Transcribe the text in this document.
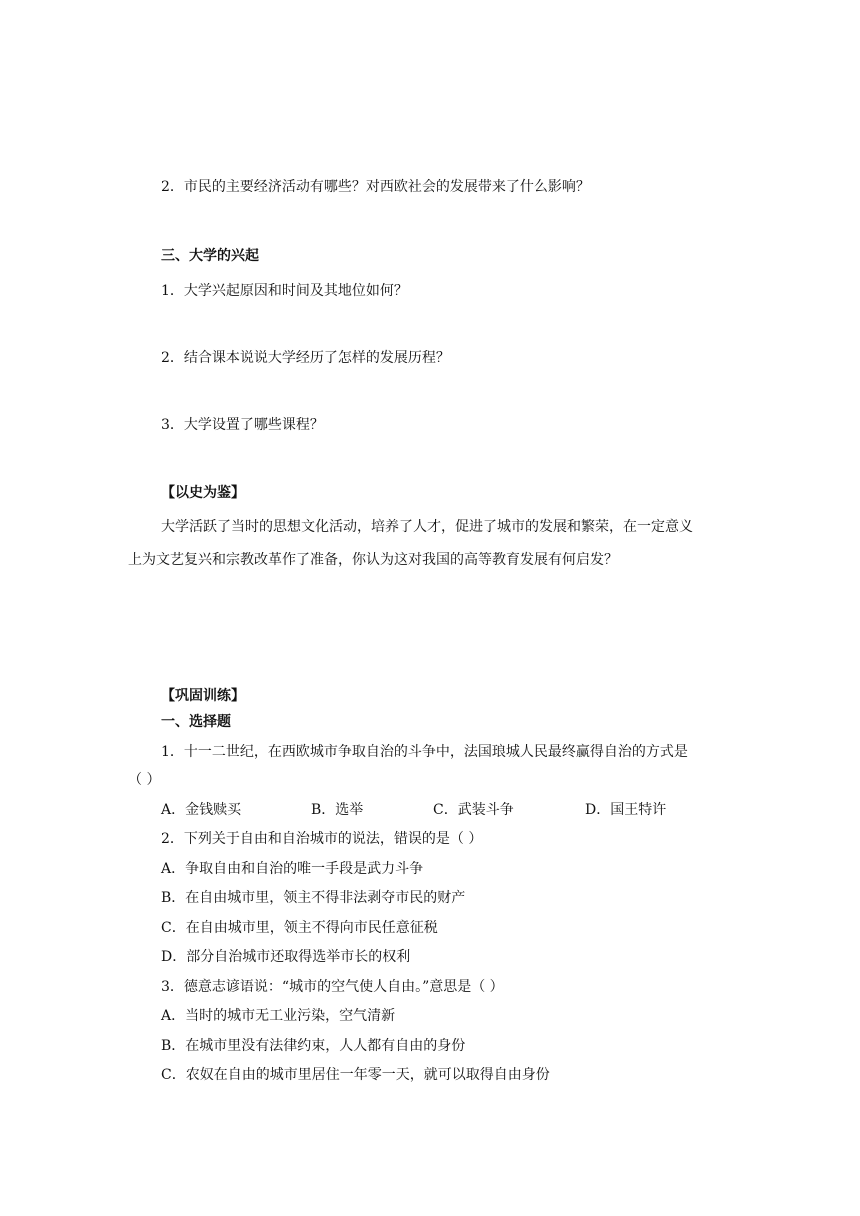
2．市民的主要经济活动有哪些？对西欧社会的发展带来了什么影响？
三、大学的兴起
1．大学兴起原因和时间及其地位如何？
2．结合课本说说大学经历了怎样的发展历程？
3．大学设置了哪些课程？
【以史为鉴】
大学活跃了当时的思想文化活动，培养了人才，促进了城市的发展和繁荣，在一定意义
上为文艺复兴和宗教改革作了准备，你认为这对我国的高等教育发展有何启发？
【巩固训练】
一、选择题
1．十一二世纪，在西欧城市争取自治的斗争中，法国琅城人民最终赢得自治的方式是
（ ）
A．金钱赎买	B．选举	C．武装斗争	D．国王特许
2．下列关于自由和自治城市的说法，错误的是（ ）
A．争取自由和自治的唯一手段是武力斗争
B．在自由城市里，领主不得非法剥夺市民的财产
C．在自由城市里，领主不得向市民任意征税
D．部分自治城市还取得选举市长的权利
3．德意志谚语说：“城市的空气使人自由。”意思是（ ）
A．当时的城市无工业污染，空气清新
B．在城市里没有法律约束，人人都有自由的身份
C．农奴在自由的城市里居住一年零一天，就可以取得自由身份
